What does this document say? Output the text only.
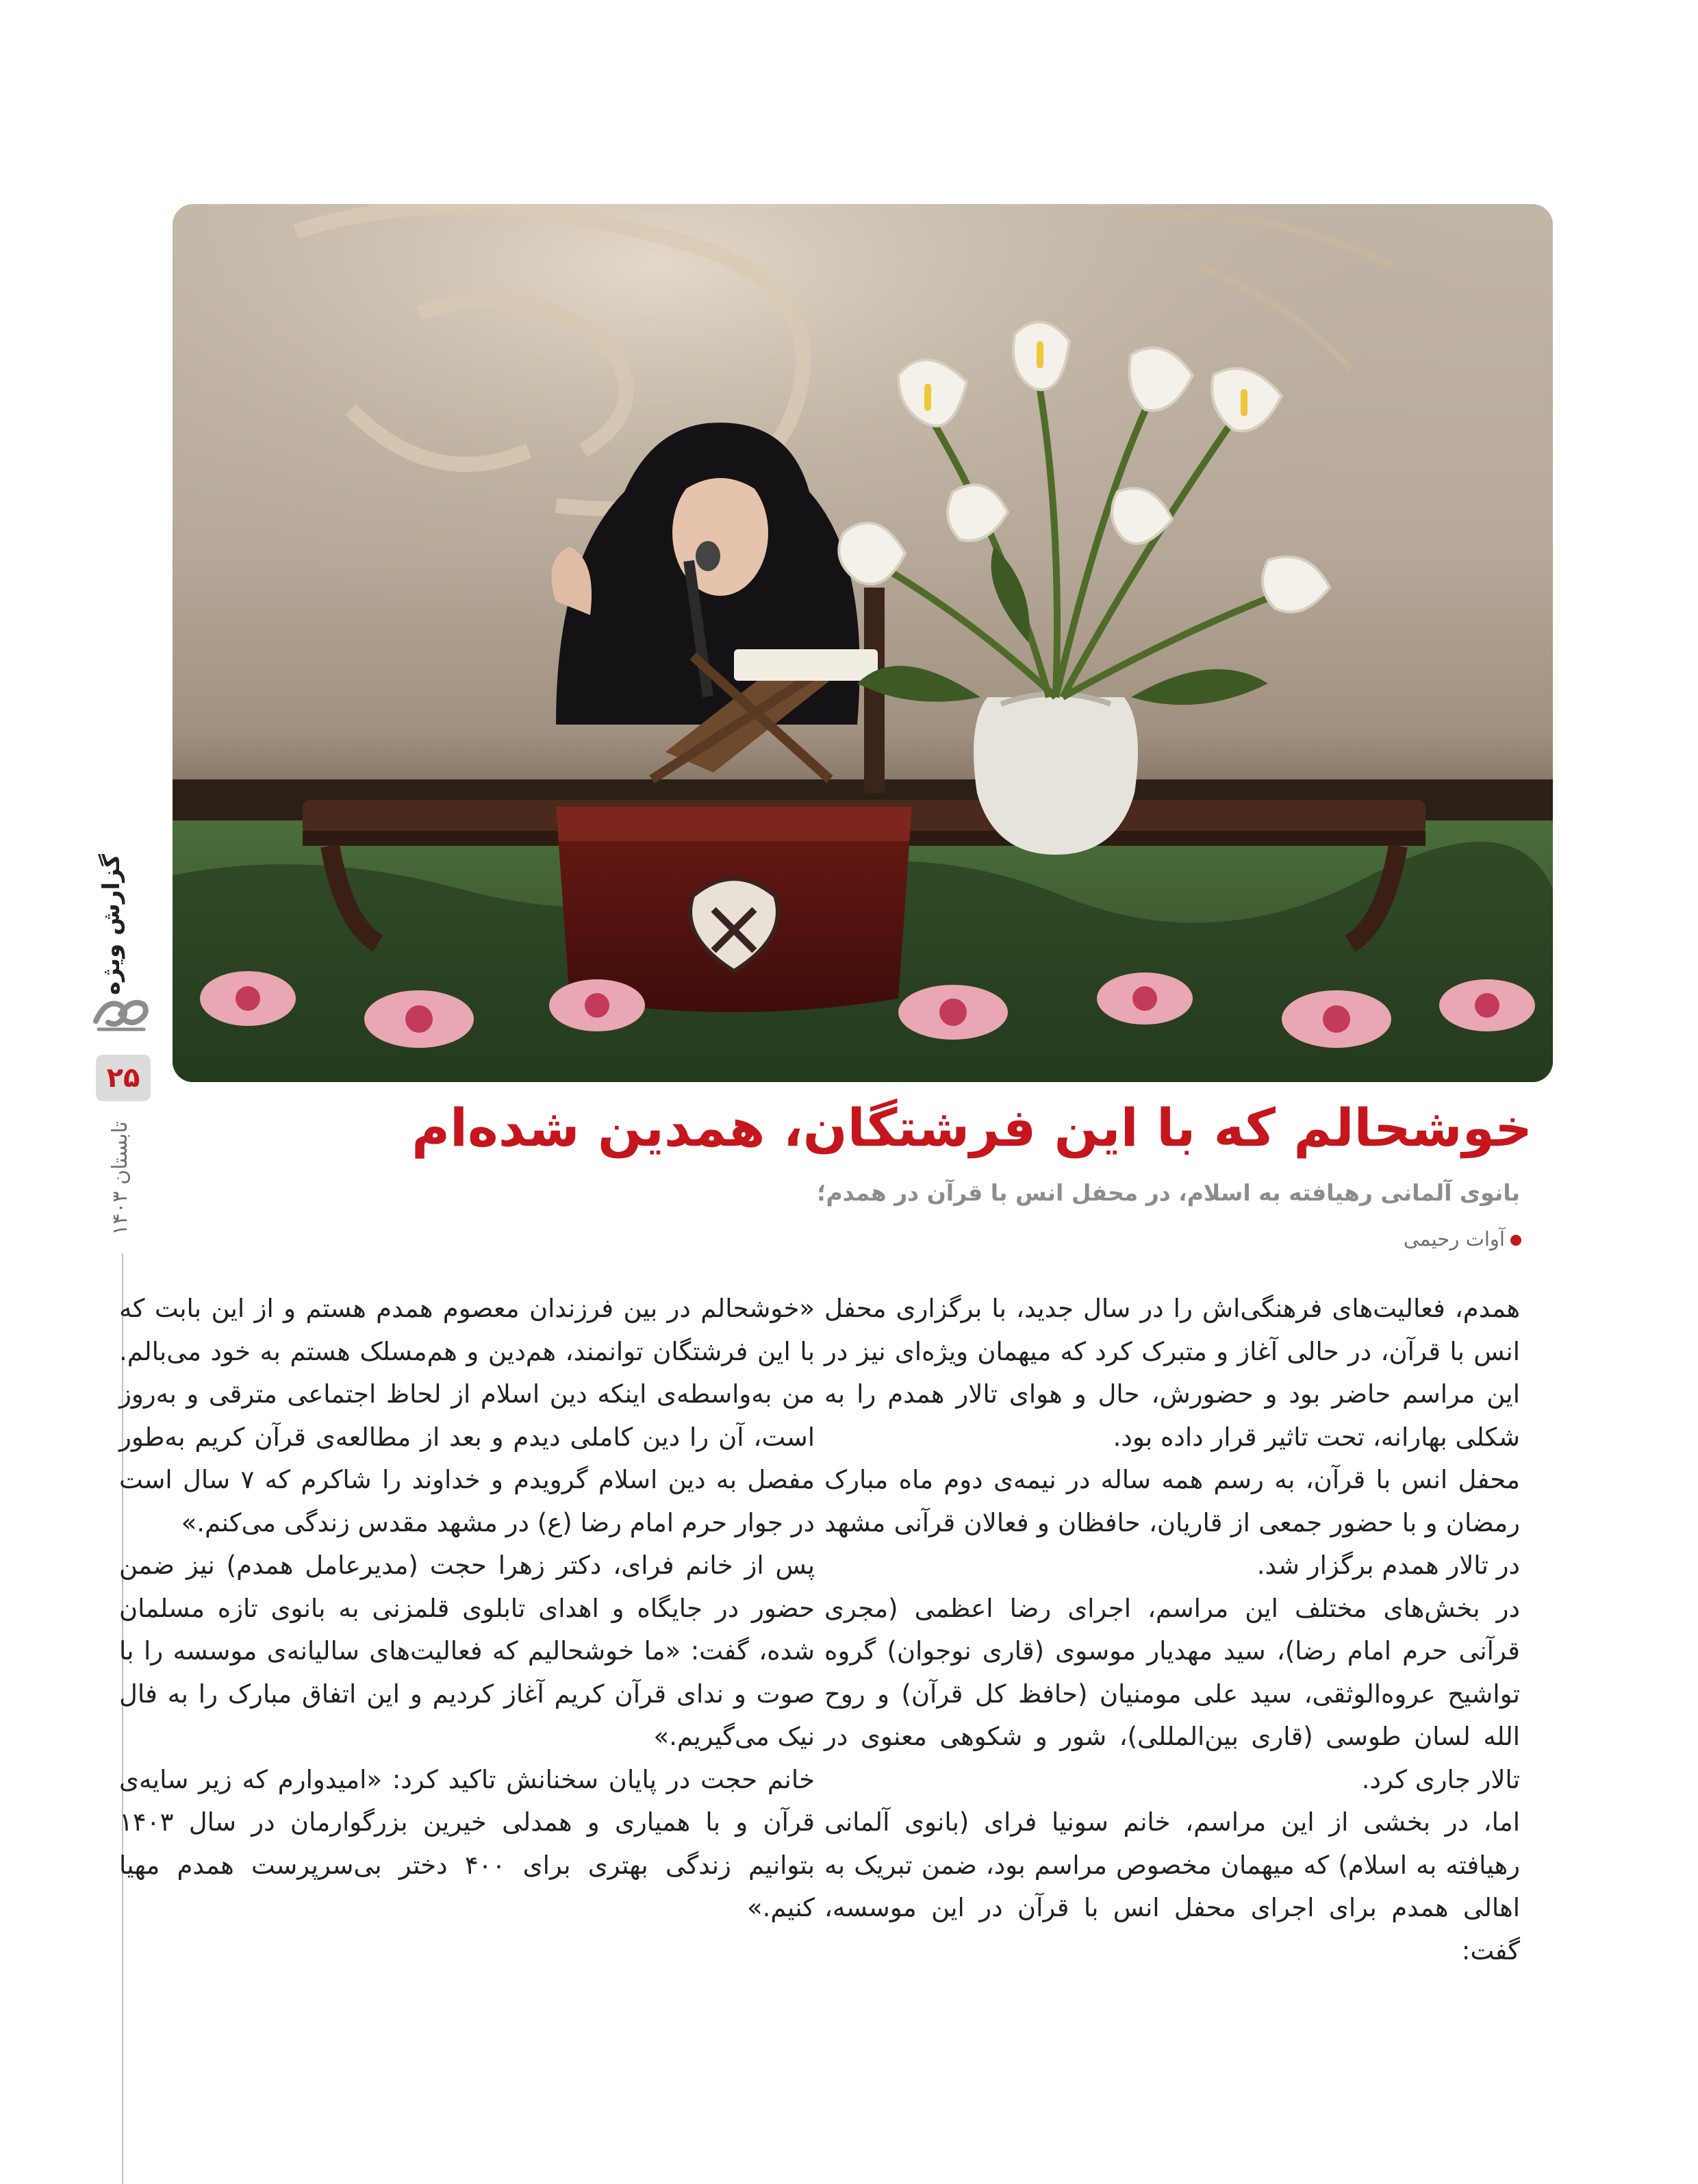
گزارش ویژه
۲۵
تابستان ۱۴۰۳	خوشحالم که با این فرشتگان، همدین شده‌ام

بانوی آلمانی رهیافته به اسلام، در محفل انس با قرآن در همدم؛

آوات رحیمی

همدم، فعالیت‌های فرهنگی‌اش را در سال جدید، با برگزاری محفل انس با قرآن، در حالی آغاز و متبرک کرد که میهمان ویژه‌ای نیز در این مراسم حاضر بود و حضورش، حال و هوای تالار همدم را به شکلی بهارانه، تحت تاثیر قرار داده بود.

محفل انس با قرآن، به رسم همه ساله در نیمه‌ی دوم ماه مبارک رمضان و با حضور جمعی از قاریان، حافظان و فعالان قرآنی مشهد در تالار همدم برگزار شد.

در بخش‌های مختلف این مراسم، اجرای رضا اعظمی (مجری قرآنی حرم امام رضا)، سید مهدیار موسوی (قاری نوجوان) گروه تواشیح عروه‌الوثقی، سید علی مومنیان (حافظ کل قرآن) و روح الله لسان طوسی (قاری بین‌المللی)، شور و شکوهی معنوی در تالار جاری کرد.

اما، در بخشی از این مراسم، خانم سونیا فرای (بانوی آلمانی رهیافته به اسلام) که میهمان مخصوص مراسم بود، ضمن تبریک به اهالی همدم برای اجرای محفل انس با قرآن در این موسسه، گفت:

«خوشحالم در بین فرزندان معصوم همدم هستم و از این بابت که با این فرشتگان توانمند، هم‌دین و هم‌مسلک هستم به خود می‌بالم. من به‌واسطه‌ی اینکه دین اسلام از لحاظ اجتماعی مترقی و به‌روز است، آن را دین کاملی دیدم و بعد از مطالعه‌ی قرآن کریم به‌طور مفصل به دین اسلام گرویدم و خداوند را شاکرم که ۷ سال است در جوار حرم امام رضا (ع) در مشهد مقدس زندگی می‌کنم.»

پس از خانم فرای، دکتر زهرا حجت (مدیرعامل همدم) نیز ضمن حضور در جایگاه و اهدای تابلوی قلمزنی به بانوی تازه مسلمان شده، گفت: «ما خوشحالیم که فعالیت‌های سالیانه‌ی موسسه را با صوت و ندای قرآن کریم آغاز کردیم و این اتفاق مبارک را به فال نیک می‌گیریم.»

خانم حجت در پایان سخنانش تاکید کرد: «امیدوارم که زیر سایه‌ی قرآن و با همیاری و همدلی خیرین بزرگوارمان در سال ۱۴۰۳ بتوانیم زندگی بهتری برای ۴۰۰ دختر بی‌سرپرست همدم مهیا کنیم.»
